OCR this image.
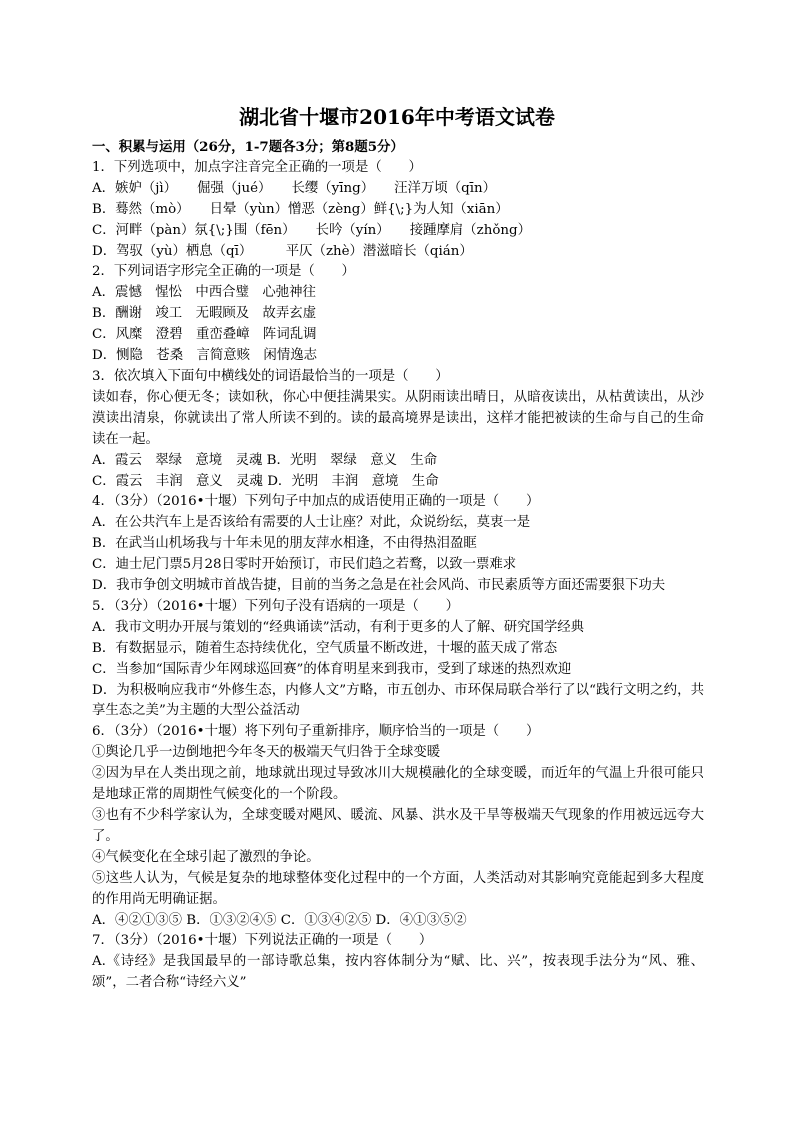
湖北省十堰市2016年中考语文试卷
一、积累与运用（26分，1-7题各3分；第8题5分）
1．下列选项中，加点字注音完全正确的一项是（　　）
A．嫉妒（jì）　　倔强（jué）　　长缨（yīng）　　汪洋万顷（qīn）
B．蓦然（mò）　　日晕（yùn）憎恶（zèng）鲜{\;}为人知（xiān）
C．河畔（pàn）氛{\;}围（fēn）　　长吟（yín）　　接踵摩肩（zhǒng）
D．驾驭（yù）栖息（qī）　　　平仄（zhè）潜滋暗长（qián）
2．下列词语字形完全正确的一项是（　　）
A．震憾　惺忪　中西合璧　心弛神往
B．酬谢　竣工　无暇顾及　故弄玄虚
C．风糜　澄碧　重峦叠嶂　阵词乱调
D．恻隐　苍桑　言简意赅　闲情逸志
3．依次填入下面句中横线处的词语最恰当的一项是（　　）
读如春，你心便无冬；读如秋，你心中便挂满果实。从阴雨读出晴日，从暗夜读出，从枯黄读出，从沙漠读出清泉，你就读出了常人所读不到的。读的最高境界是读出，这样才能把被读的生命与自己的生命读在一起。
A．霞云　翠绿　意境　灵魂 B．光明　翠绿　意义　生命
C．霞云　丰润　意义　灵魂 D．光明　丰润　意境　生命
4．（3分）（2016•十堰）下列句子中加点的成语使用正确的一项是（　　）
A．在公共汽车上是否该给有需要的人士让座？对此，众说纷纭，莫衷一是
B．在武当山机场我与十年未见的朋友萍水相逢，不由得热泪盈眶
C．迪士尼门票5月28日零时开始预订，市民们趋之若鹜，以致一票难求
D．我市争创文明城市首战告捷，目前的当务之急是在社会风尚、市民素质等方面还需要狠下功夫
5．（3分）（2016•十堰）下列句子没有语病的一项是（　　）
A．我市文明办开展与策划的“经典诵读”活动，有利于更多的人了解、研究国学经典
B．有数据显示，随着生态持续优化，空气质量不断改进，十堰的蓝天成了常态
C．当参加“国际青少年网球巡回赛”的体育明星来到我市，受到了球迷的热烈欢迎
D．为积极响应我市“外修生态，内修人文”方略，市五创办、市环保局联合举行了以“践行文明之约，共享生态之美”为主题的大型公益活动
6．（3分）（2016•十堰）将下列句子重新排序，顺序恰当的一项是（　　）
①舆论几乎一边倒地把今年冬天的极端天气归咎于全球变暖
②因为早在人类出现之前，地球就出现过导致冰川大规模融化的全球变暖，而近年的气温上升很可能只是地球正常的周期性气候变化的一个阶段。
③也有不少科学家认为，全球变暖对飓风、暖流、风暴、洪水及干旱等极端天气现象的作用被远远夸大了。
④气候变化在全球引起了激烈的争论。
⑤这些人认为，气候是复杂的地球整体变化过程中的一个方面，人类活动对其影响究竟能起到多大程度的作用尚无明确证据。
A．④②①③⑤ B．①③②④⑤ C．①③④②⑤ D．④①③⑤②
7．（3分）（2016•十堰）下列说法正确的一项是（　　）
A.《诗经》是我国最早的一部诗歌总集，按内容体制分为“赋、比、兴”，按表现手法分为“风、雅、颂”，二者合称“诗经六义”
